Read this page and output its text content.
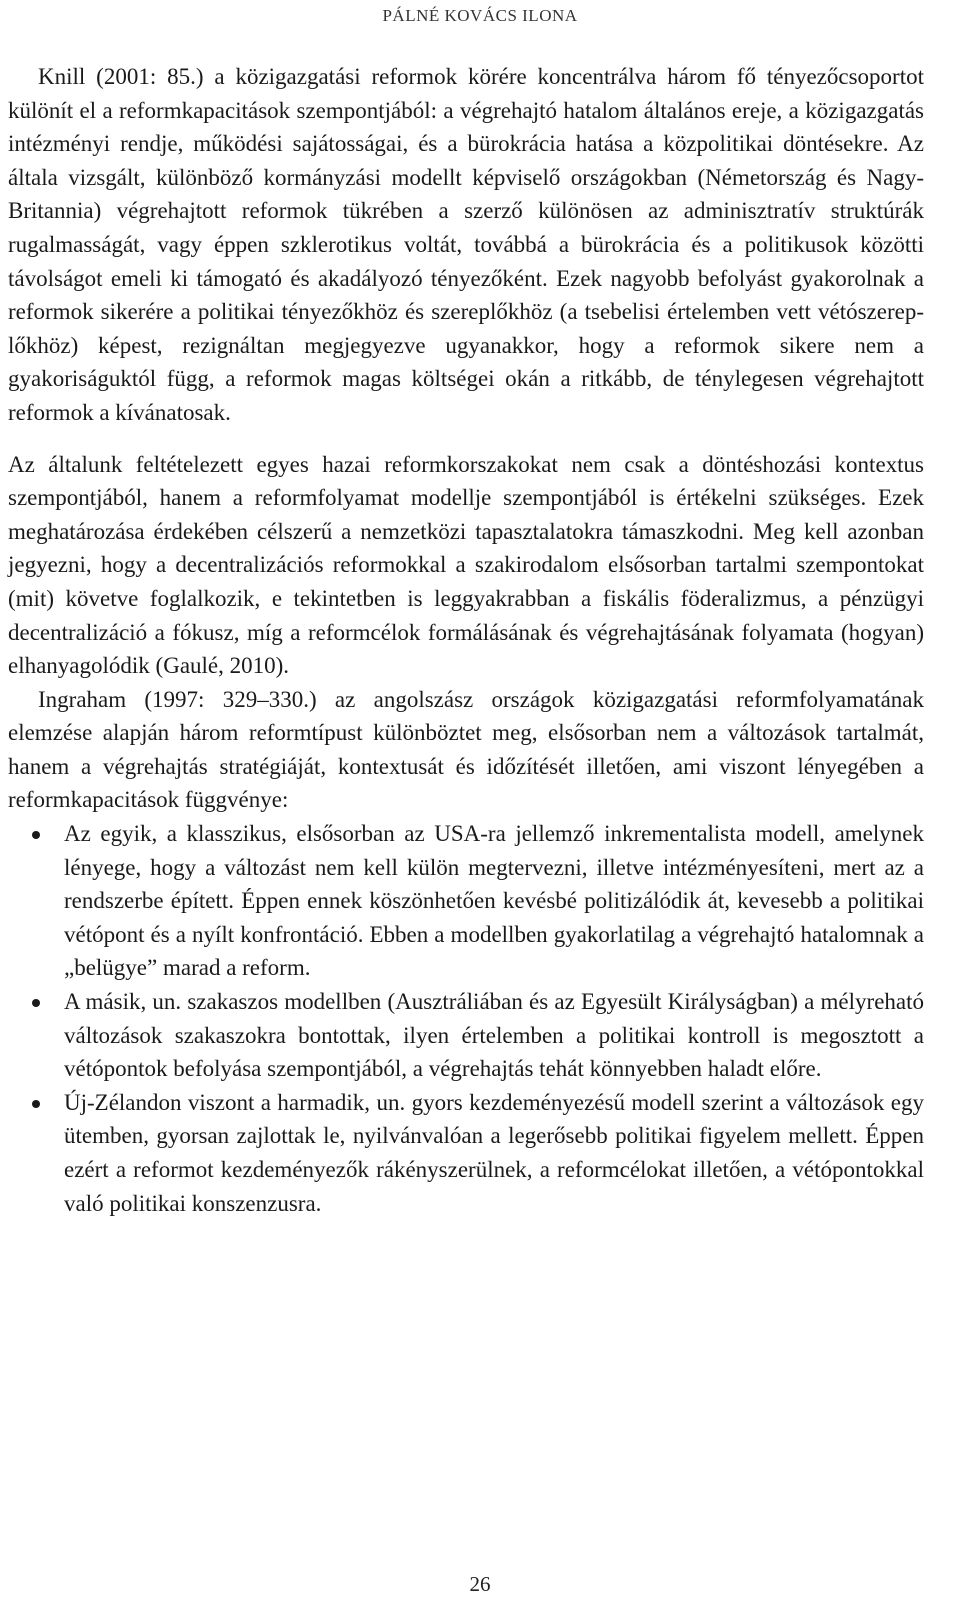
PÁLNÉ KOVÁCS ILONA

Knill (2001: 85.) a közigazgatási reformok körére koncentrálva három fő tényezőcsoportot különít el a reformkapacitások szempontjából: a végrehajtó hatalom általános ereje, a közigazgatás intézményi rendje, működési sajátosságai, és a bürokrácia hatása a közpolitikai döntésekre. Az általa vizsgált, különböző kormányzási modellt képviselő országokban (Németország és Nagy-Britannia) végrehajtott reformok tükrében a szerző különösen az adminisztratív struktúrák rugalmasságát, vagy éppen szklerotikus voltát, továbbá a bürokrácia és a politikusok közötti távolságot emeli ki támogató és akadályozó tényezőként. Ezek nagyobb befolyást gyakorolnak a reformok sikerére a politikai tényezőkhöz és szereplőkhöz (a tsebelisi értelemben vett vétószereplőkhöz) képest, rezignáltan megjegyezve ugyanakkor, hogy a reformok sikere nem a gyakoriságuktól függ, a reformok magas költségei okán a ritkább, de ténylegesen végrehajtott reformok a kívánatosak.

Az általunk feltételezett egyes hazai reformkorszakokat nem csak a döntéshozási kontextus szempontjából, hanem a reformfolyamat modellje szempontjából is értékelni szükséges. Ezek meghatározása érdekében célszerű a nemzetközi tapasztalatokra támaszkodni. Meg kell azonban jegyezni, hogy a decentralizációs reformokkal a szakirodalom elsősorban tartalmi szempontokat (mit) követve foglalkozik, e tekintetben is leggyakrabban a fiskális föderalizmus, a pénzügyi decentralizáció a fókusz, míg a reformcélok formálásának és végrehajtásának folyamata (hogyan) elhanyagolódik (Gaulé, 2010).

Ingraham (1997: 329–330.) az angolszász országok közigazgatási reformfolyamatának elemzése alapján három reformtípust különböztet meg, elsősorban nem a változások tartalmát, hanem a végrehajtás stratégiáját, kontextusát és időzítését illetően, ami viszont lényegében a reformkapacitások függvénye:

Az egyik, a klasszikus, elsősorban az USA-ra jellemző inkrementalista modell, amelynek lényege, hogy a változást nem kell külön megtervezni, illetve intézményesíteni, mert az a rendszerbe épített. Éppen ennek köszönhetően kevésbé politizálódik át, kevesebb a politikai vétópont és a nyílt konfrontáció. Ebben a modellben gyakorlatilag a végrehajtó hatalomnak a „belügye” marad a reform.
A másik, un. szakaszos modellben (Ausztráliában és az Egyesült Királyságban) a mélyreható változások szakaszokra bontottak, ilyen értelemben a politikai kontroll is megosztott a vétópontok befolyása szempontjából, a végrehajtás tehát könnyebben haladt előre.
Új-Zélandon viszont a harmadik, un. gyors kezdeményezésű modell szerint a változások egy ütemben, gyorsan zajlottak le, nyilvánvalóan a legerősebb politikai figyelem mellett. Éppen ezért a reformot kezdeményezők rákényszerülnek, a reformcélokat illetően, a vétópontokkal való politikai konszenzusra.
26
